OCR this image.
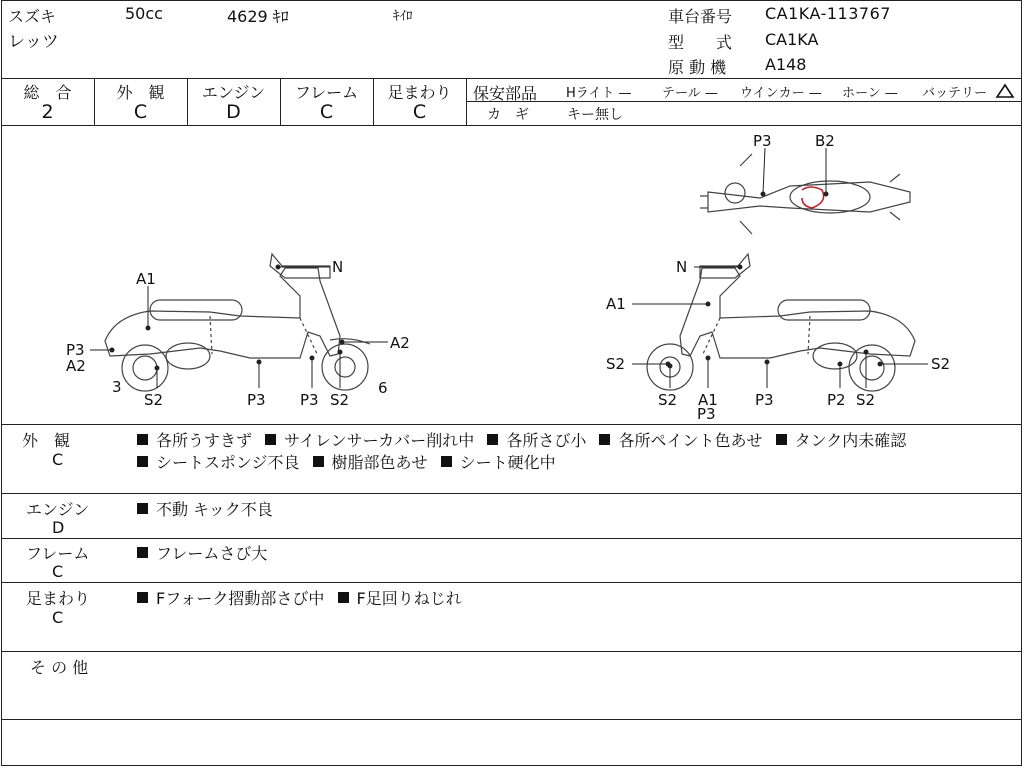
スズキ	50cc	4629 ｷﾛ	ｷｲﾛ
レッツ
車台番号 CA1KA-113767
型　　式 CA1KA
原 動 機 A148
総　合
2
外　観
C
エンジン
D
フレーム
C
足まわり
C
保安部品 Hライト — テール — ウインカー — ホーン — バッテリー
カ　ギ	キー無し
A1
N
P3
A2
A2
3
S2	P3 P3 S2
6
N
A1
S2
S2 A1
P3
P3	P2 S2
S2
P3	B2
外　観
C
各所うすきず サイレンサーカバー削れ中 各所さび小 各所ペイント色あせ タンク内未確認
シートスポンジ不良 樹脂部色あせ シート硬化中
エンジン
D
不動 キック不良
フレーム
C
フレームさび大
足まわり
C
Fフォーク摺動部さび中 F足回りねじれ
そ の 他
